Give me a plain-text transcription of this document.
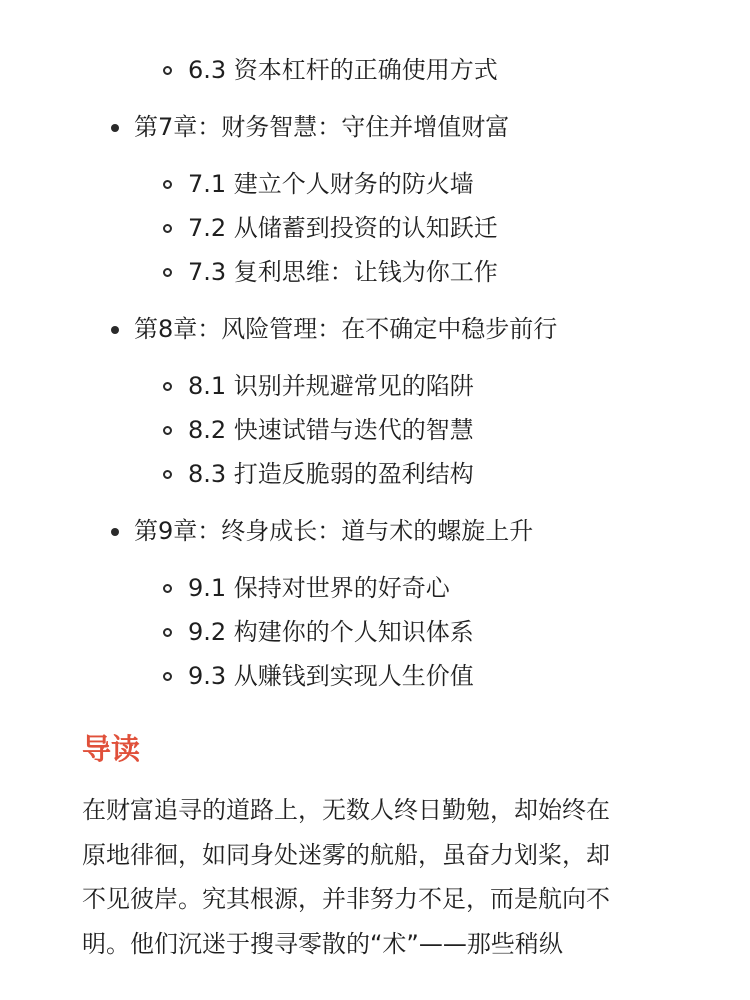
6.3 资本杠杆的正确使用方式
第7章：财务智慧：守住并增值财富
7.1 建立个人财务的防火墙
7.2 从储蓄到投资的认知跃迁
7.3 复利思维：让钱为你工作
第8章：风险管理：在不确定中稳步前行
8.1 识别并规避常见的陷阱
8.2 快速试错与迭代的智慧
8.3 打造反脆弱的盈利结构
第9章：终身成长：道与术的螺旋上升
9.1 保持对世界的好奇心
9.2 构建你的个人知识体系
9.3 从赚钱到实现人生价值
导读

在财富追寻的道路上，无数人终日勤勉，却始终在
原地徘徊，如同身处迷雾的航船，虽奋力划桨，却
不见彼岸。究其根源，并非努力不足，而是航向不
明。他们沉迷于搜寻零散的“术”——那些稍纵
